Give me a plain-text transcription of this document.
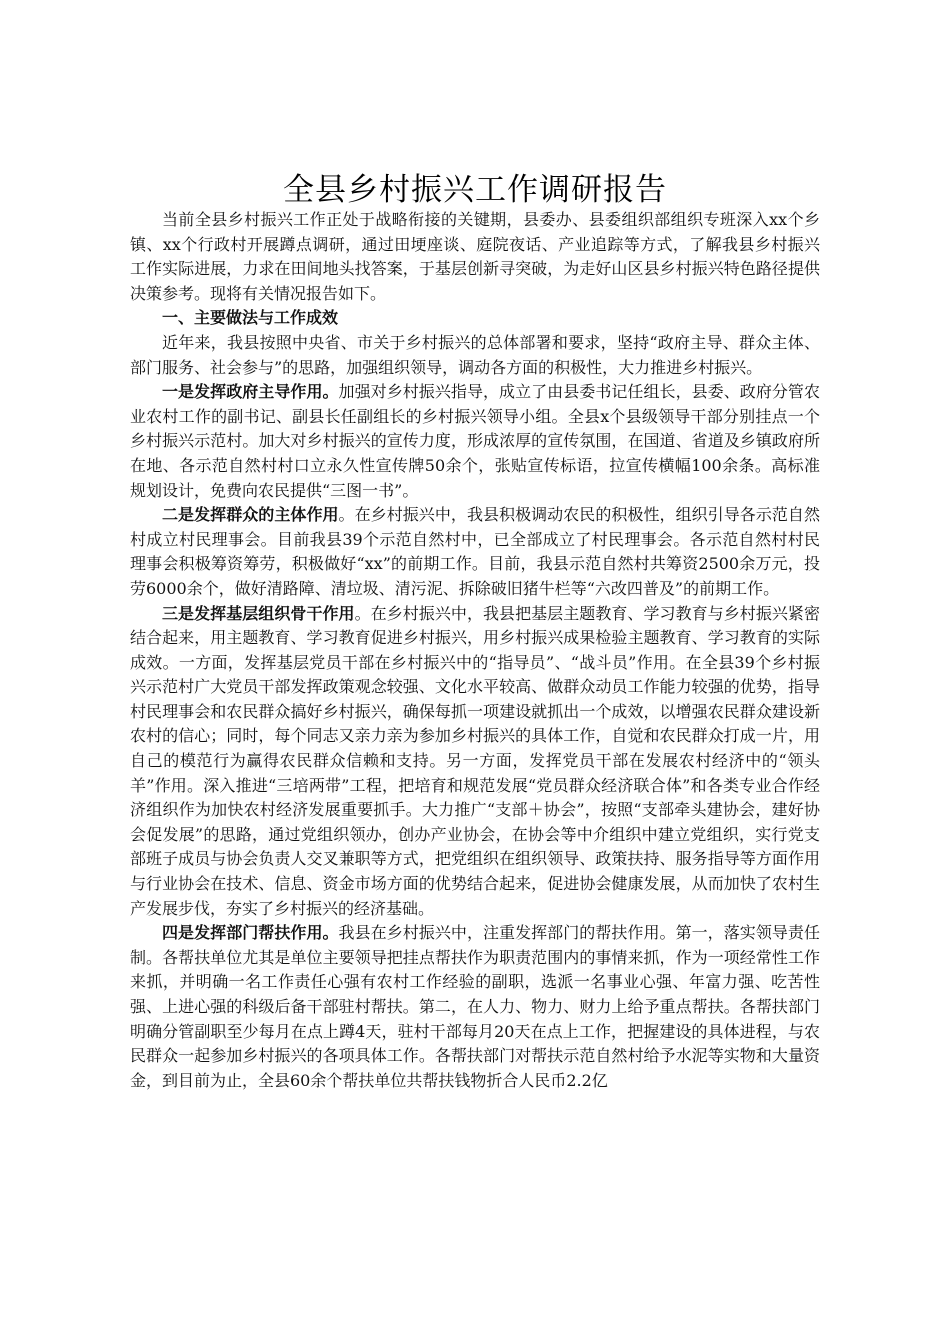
全县乡村振兴工作调研报告

当前全县乡村振兴工作正处于战略衔接的关键期，县委办、县委组织部组织专班深入xx个乡镇、xx个行政村开展蹲点调研，通过田埂座谈、庭院夜话、产业追踪等方式，了解我县乡村振兴工作实际进展，力求在田间地头找答案，于基层创新寻突破，为走好山区县乡村振兴特色路径提供决策参考。现将有关情况报告如下。

一、主要做法与工作成效

近年来，我县按照中央省、市关于乡村振兴的总体部署和要求，坚持“政府主导、群众主体、部门服务、社会参与”的思路，加强组织领导，调动各方面的积极性，大力推进乡村振兴。

一是发挥政府主导作用。加强对乡村振兴指导，成立了由县委书记任组长，县委、政府分管农业农村工作的副书记、副县长任副组长的乡村振兴领导小组。全县x个县级领导干部分别挂点一个乡村振兴示范村。加大对乡村振兴的宣传力度，形成浓厚的宣传氛围，在国道、省道及乡镇政府所在地、各示范自然村村口立永久性宣传牌50余个，张贴宣传标语，拉宣传横幅100余条。高标准规划设计，免费向农民提供“三图一书”。

二是发挥群众的主体作用。在乡村振兴中，我县积极调动农民的积极性，组织引导各示范自然村成立村民理事会。目前我县39个示范自然村中，已全部成立了村民理事会。各示范自然村村民理事会积极筹资筹劳，积极做好“xx”的前期工作。目前，我县示范自然村共筹资2500余万元，投劳6000余个，做好清路障、清垃圾、清污泥、拆除破旧猪牛栏等“六改四普及”的前期工作。

三是发挥基层组织骨干作用。在乡村振兴中，我县把基层主题教育、学习教育与乡村振兴紧密结合起来，用主题教育、学习教育促进乡村振兴，用乡村振兴成果检验主题教育、学习教育的实际成效。一方面，发挥基层党员干部在乡村振兴中的“指导员”、“战斗员”作用。在全县39个乡村振兴示范村广大党员干部发挥政策观念较强、文化水平较高、做群众动员工作能力较强的优势，指导村民理事会和农民群众搞好乡村振兴，确保每抓一项建设就抓出一个成效，以增强农民群众建设新农村的信心；同时，每个同志又亲力亲为参加乡村振兴的具体工作，自觉和农民群众打成一片，用自己的模范行为赢得农民群众信赖和支持。另一方面，发挥党员干部在发展农村经济中的“领头羊”作用。深入推进“三培两带”工程，把培育和规范发展“党员群众经济联合体”和各类专业合作经济组织作为加快农村经济发展重要抓手。大力推广“支部＋协会”，按照“支部牵头建协会，建好协会促发展”的思路，通过党组织领办，创办产业协会，在协会等中介组织中建立党组织，实行党支部班子成员与协会负责人交叉兼职等方式，把党组织在组织领导、政策扶持、服务指导等方面作用与行业协会在技术、信息、资金市场方面的优势结合起来，促进协会健康发展，从而加快了农村生产发展步伐，夯实了乡村振兴的经济基础。

四是发挥部门帮扶作用。我县在乡村振兴中，注重发挥部门的帮扶作用。第一，落实领导责任制。各帮扶单位尤其是单位主要领导把挂点帮扶作为职责范围内的事情来抓，作为一项经常性工作来抓，并明确一名工作责任心强有农村工作经验的副职，选派一名事业心强、年富力强、吃苦性强、上进心强的科级后备干部驻村帮扶。第二，在人力、物力、财力上给予重点帮扶。各帮扶部门明确分管副职至少每月在点上蹲4天，驻村干部每月20天在点上工作，把握建设的具体进程，与农民群众一起参加乡村振兴的各项具体工作。各帮扶部门对帮扶示范自然村给予水泥等实物和大量资金，到目前为止，全县60余个帮扶单位共帮扶钱物折合人民币2.2亿
